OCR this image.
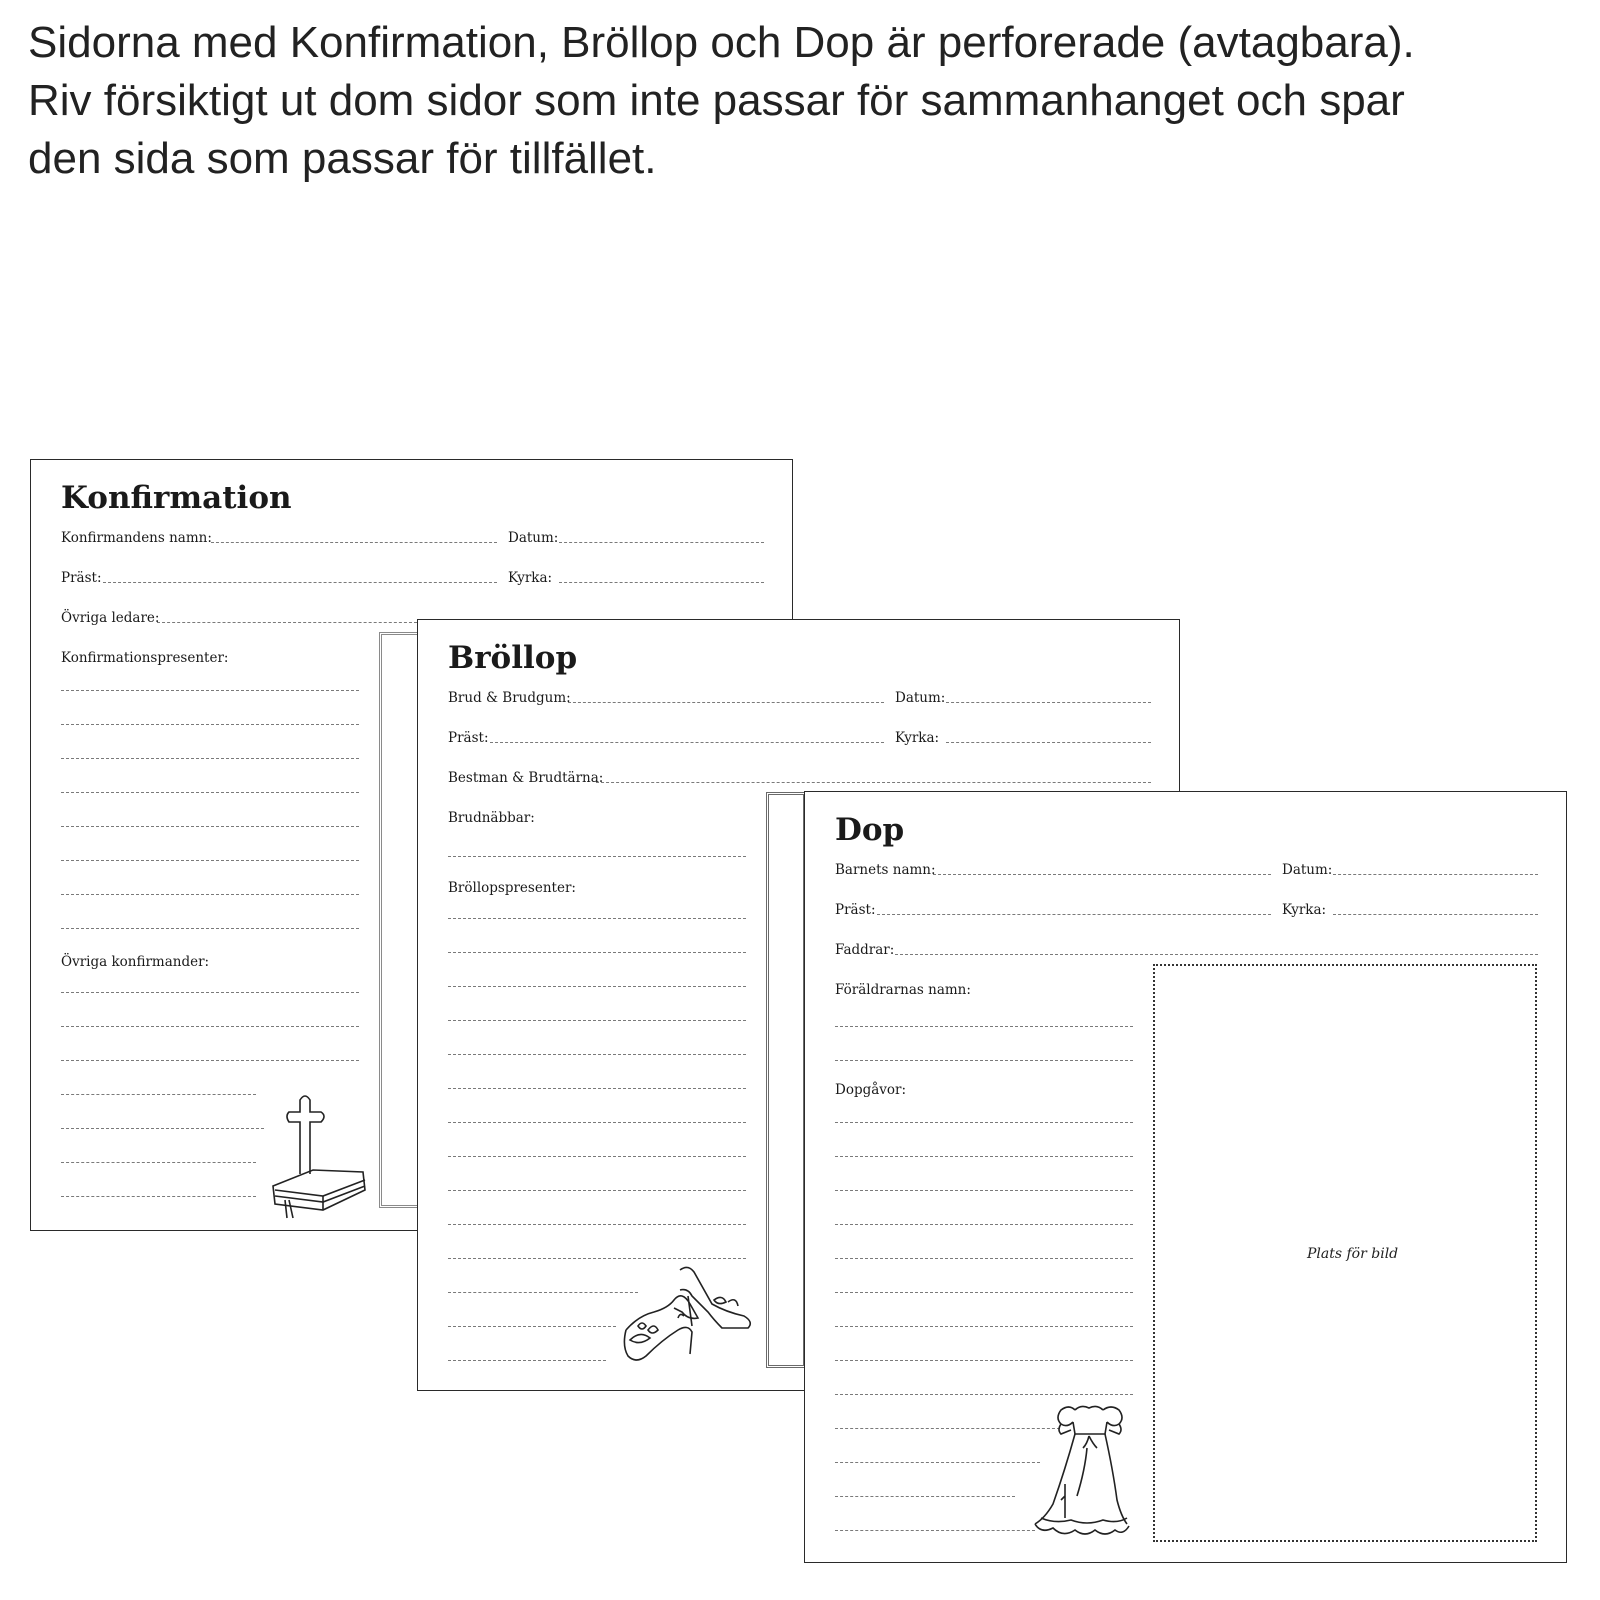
Sidorna med Konfirmation, Bröllop och Dop är perforerade (avtagbara).
Riv försiktigt ut dom sidor som inte passar för sammanhanget och spar
den sida som passar för tillfället.
Konfirmation
Konfirmandens namn:	Datum:
Präst:	Kyrka:
Övriga ledare:
Konfirmationspresenter:
Övriga konfirmander:
Bröllop
Brud & Brudgum:	Datum:
Präst:	Kyrka:
Bestman & Brudtärna:
Brudnäbbar:
Bröllopspresenter:
Dop
Barnets namn:	Datum:
Präst:	Kyrka:
Faddrar:
Föräldrarnas namn:
Dopgåvor:
Plats för bild
